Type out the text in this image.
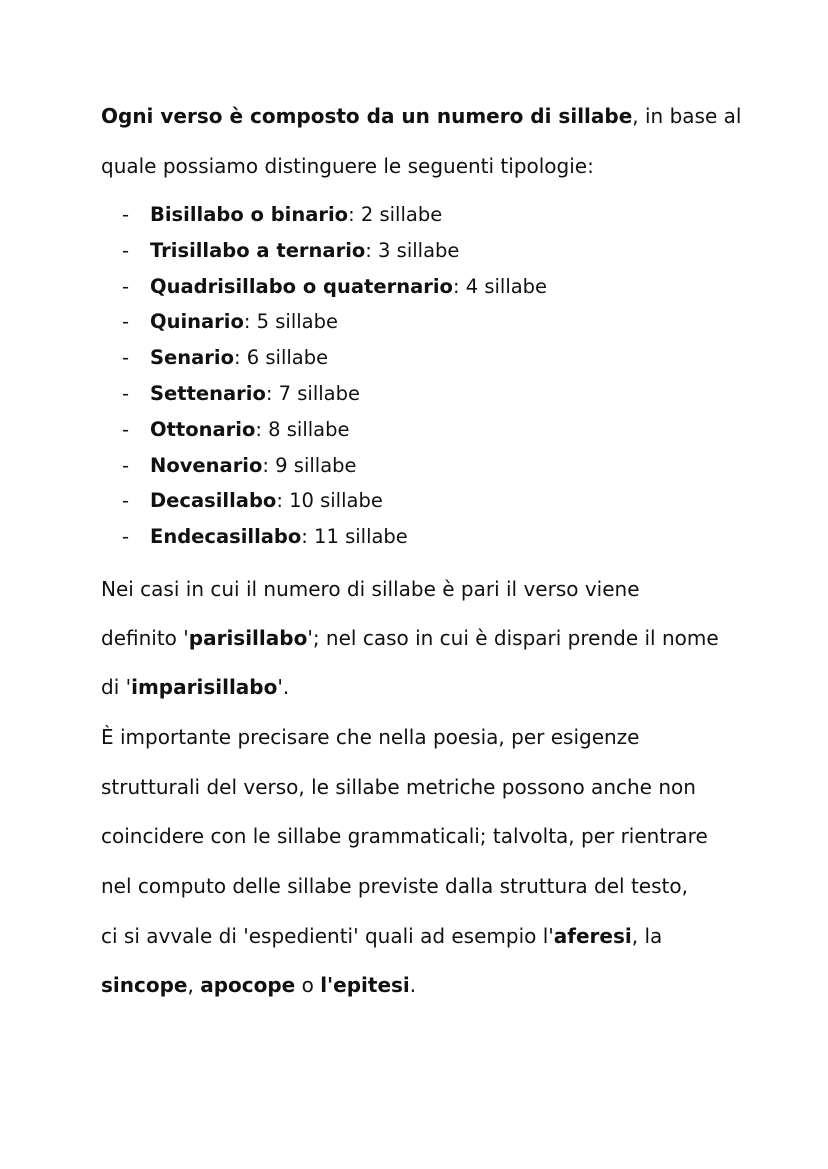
Ogni verso è composto da un numero di sillabe, in base al
quale possiamo distinguere le seguenti tipologie:
- Bisillabo o binario: 2 sillabe
- Trisillabo a ternario: 3 sillabe
- Quadrisillabo o quaternario: 4 sillabe
- Quinario: 5 sillabe
- Senario: 6 sillabe
- Settenario: 7 sillabe
- Ottonario: 8 sillabe
- Novenario: 9 sillabe
- Decasillabo: 10 sillabe
- Endecasillabo: 11 sillabe
Nei casi in cui il numero di sillabe è pari il verso viene
definito 'parisillabo'; nel caso in cui è dispari prende il nome
di 'imparisillabo'.
È importante precisare che nella poesia, per esigenze
strutturali del verso, le sillabe metriche possono anche non
coincidere con le sillabe grammaticali; talvolta, per rientrare
nel computo delle sillabe previste dalla struttura del testo,
ci si avvale di 'espedienti' quali ad esempio l'aferesi, la
sincope, apocope o l'epitesi.
